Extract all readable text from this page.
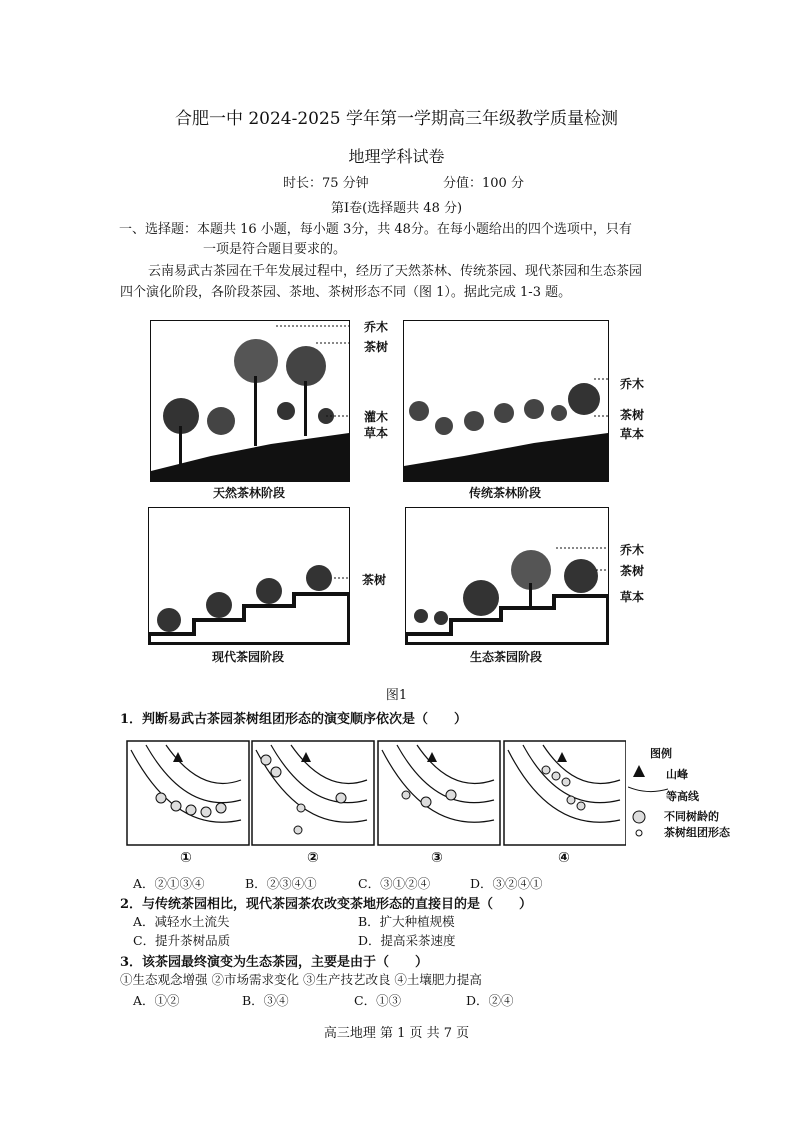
合肥一中 2024-2025 学年第一学期高三年级教学质量检测
地理学科试卷
时长：75 分钟	分值：100 分
第Ⅰ卷(选择题共 48 分)
一、选择题：本题共 16 小题，每小题 3分，共 48分。在每小题给出的四个选项中，只有
一项是符合题目要求的。
云南易武古茶园在千年发展过程中，经历了天然茶林、传统茶园、现代茶园和生态茶园
四个演化阶段，各阶段茶园、茶地、茶树形态不同（图 1）。据此完成 1-3 题。
乔木
茶树
灌木
草本
天然茶林阶段
乔木
茶树
草本
传统茶林阶段
茶树
现代茶园阶段
乔木
茶树
草本
生态茶园阶段
图1
1．判断易武古茶园茶树组团形态的演变顺序依次是（　　）
①	②	③	④
图例
山峰
等高线
不同树龄的
茶树组团形态
A．②①③④	B．②③④①	C．③①②④	D．③②④①
2．与传统茶园相比，现代茶园茶农改变茶地形态的直接目的是（　　）
A．减轻水土流失	B．扩大种植规模
C．提升茶树品质	D．提高采茶速度
3．该茶园最终演变为生态茶园，主要是由于（　　）
①生态观念增强 ②市场需求变化 ③生产技艺改良 ④土壤肥力提高
A．①②	B．③④	C．①③	D．②④
高三地理 第 1 页 共 7 页
